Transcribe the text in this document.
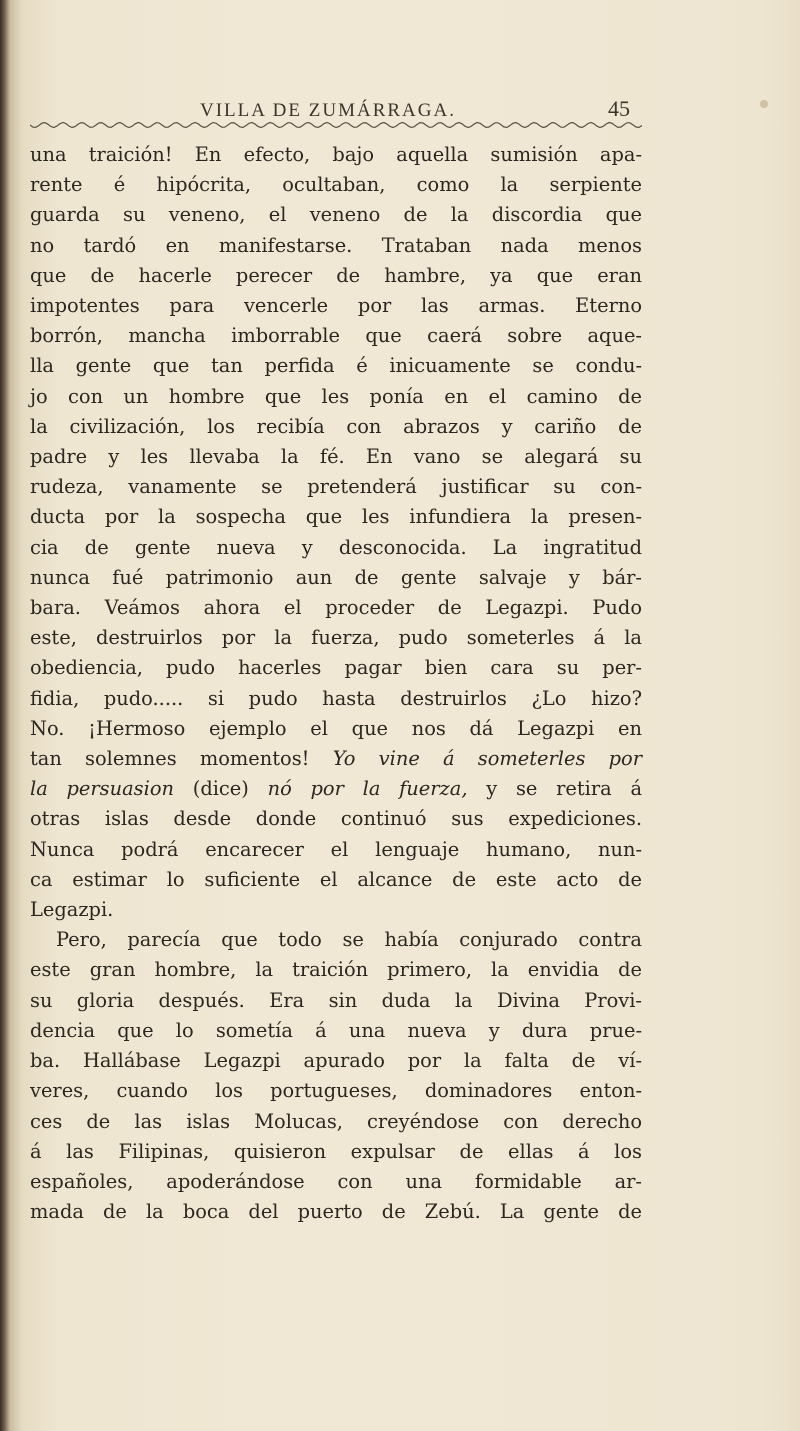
VILLA DE ZUMÁRRAGA.	45
una traición! En efecto, bajo aquella sumisión apa-
rente é hipócrita, ocultaban, como la serpiente
guarda su veneno, el veneno de la discordia que
no tardó en manifestarse. Trataban nada menos
que de hacerle perecer de hambre, ya que eran
impotentes para vencerle por las armas. Eterno
borrón, mancha imborrable que caerá sobre aque-
lla gente que tan perfida é inicuamente se condu-
jo con un hombre que les ponía en el camino de
la civilización, los recibía con abrazos y cariño de
padre y les llevaba la fé. En vano se alegará su
rudeza, vanamente se pretenderá justificar su con-
ducta por la sospecha que les infundiera la presen-
cia de gente nueva y desconocida. La ingratitud
nunca fué patrimonio aun de gente salvaje y bár-
bara. Veámos ahora el proceder de Legazpi. Pudo
este, destruirlos por la fuerza, pudo someterles á la
obediencia, pudo hacerles pagar bien cara su per-
fidia, pudo..... si pudo hasta destruirlos ¿Lo hizo?
No. ¡Hermoso ejemplo el que nos dá Legazpi en
tan solemnes momentos! Yo vine á someterles por
la persuasion (dice) nó por la fuerza, y se retira á
otras islas desde donde continuó sus expediciones.
Nunca podrá encarecer el lenguaje humano, nun-
ca estimar lo suficiente el alcance de este acto de
Legazpi.
Pero, parecía que todo se había conjurado contra
este gran hombre, la traición primero, la envidia de
su gloria después. Era sin duda la Divina Provi-
dencia que lo sometía á una nueva y dura prue-
ba. Hallábase Legazpi apurado por la falta de ví-
veres, cuando los portugueses, dominadores enton-
ces de las islas Molucas, creyéndose con derecho
á las Filipinas, quisieron expulsar de ellas á los
españoles, apoderándose con una formidable ar-
mada de la boca del puerto de Zebú. La gente de
